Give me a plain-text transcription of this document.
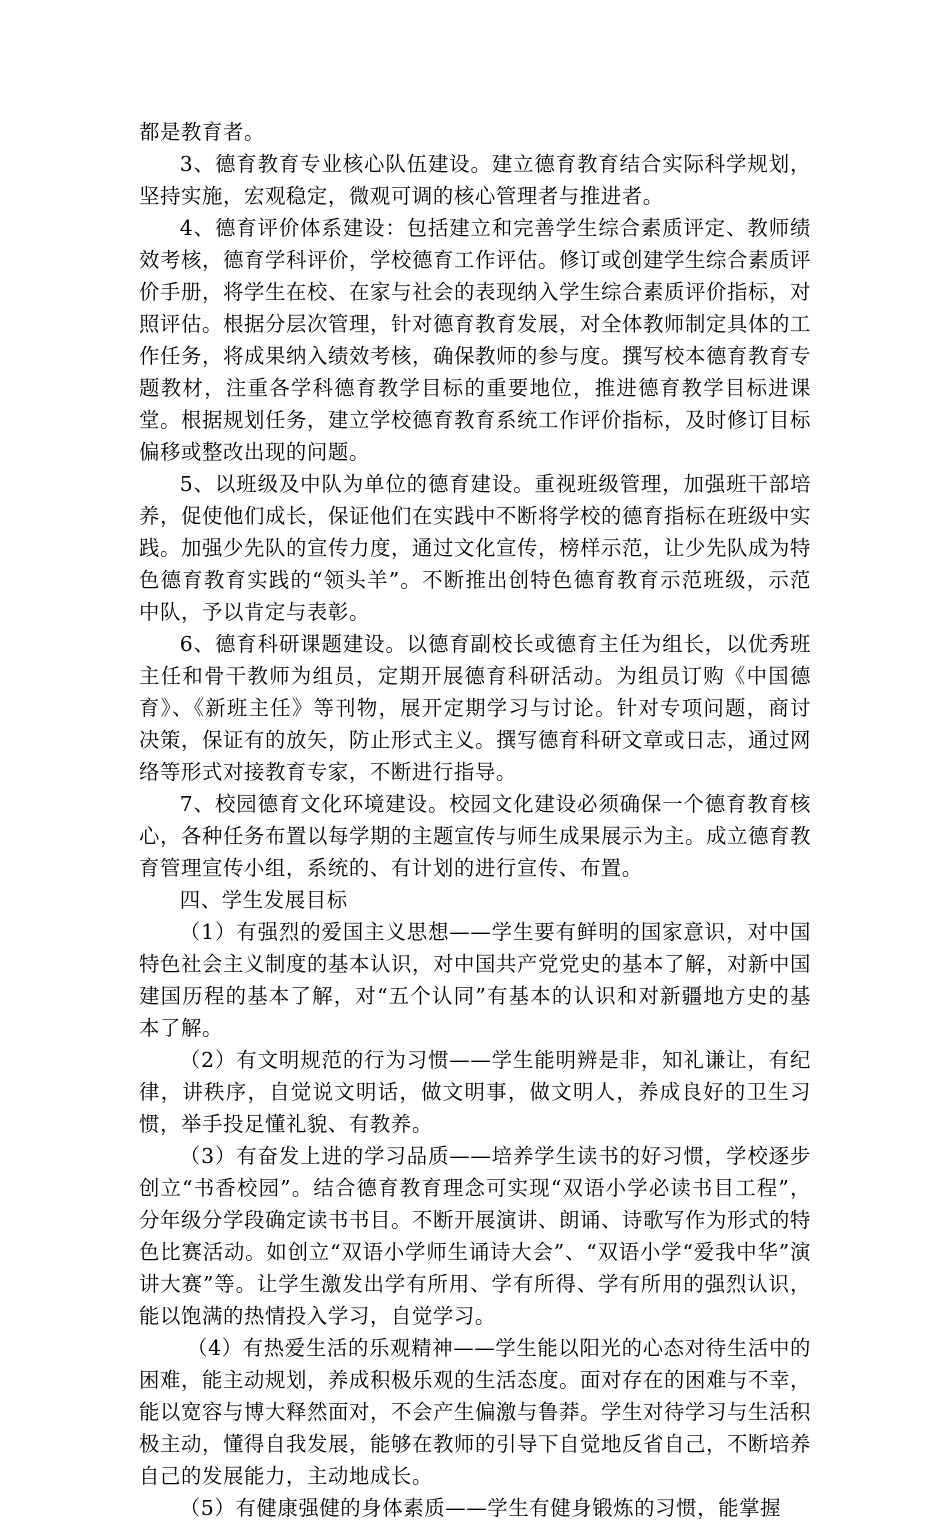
都是教育者。

3、德育教育专业核心队伍建设。建立德育教育结合实际科学规划，坚持实施，宏观稳定，微观可调的核心管理者与推进者。

4、德育评价体系建设：包括建立和完善学生综合素质评定、教师绩效考核，德育学科评价，学校德育工作评估。修订或创建学生综合素质评价手册，将学生在校、在家与社会的表现纳入学生综合素质评价指标，对照评估。根据分层次管理，针对德育教育发展，对全体教师制定具体的工作任务，将成果纳入绩效考核，确保教师的参与度。撰写校本德育教育专题教材，注重各学科德育教学目标的重要地位，推进德育教学目标进课堂。根据规划任务，建立学校德育教育系统工作评价指标，及时修订目标偏移或整改出现的问题。

5、以班级及中队为单位的德育建设。重视班级管理，加强班干部培养，促使他们成长，保证他们在实践中不断将学校的德育指标在班级中实践。加强少先队的宣传力度，通过文化宣传，榜样示范，让少先队成为特色德育教育实践的“领头羊”。不断推出创特色德育教育示范班级，示范中队，予以肯定与表彰。

6、德育科研课题建设。以德育副校长或德育主任为组长，以优秀班主任和骨干教师为组员，定期开展德育科研活动。为组员订购《中国德育》、《新班主任》等刊物，展开定期学习与讨论。针对专项问题，商讨决策，保证有的放矢，防止形式主义。撰写德育科研文章或日志，通过网络等形式对接教育专家，不断进行指导。

7、校园德育文化环境建设。校园文化建设必须确保一个德育教育核心，各种任务布置以每学期的主题宣传与师生成果展示为主。成立德育教育管理宣传小组，系统的、有计划的进行宣传、布置。

四、学生发展目标

（1）有强烈的爱国主义思想——学生要有鲜明的国家意识，对中国特色社会主义制度的基本认识，对中国共产党党史的基本了解，对新中国建国历程的基本了解，对“五个认同”有基本的认识和对新疆地方史的基本了解。

（2）有文明规范的行为习惯——学生能明辨是非，知礼谦让，有纪律，讲秩序，自觉说文明话，做文明事，做文明人，养成良好的卫生习惯，举手投足懂礼貌、有教养。

（3）有奋发上进的学习品质——培养学生读书的好习惯，学校逐步创立“书香校园”。结合德育教育理念可实现“双语小学必读书目工程”，分年级分学段确定读书书目。不断开展演讲、朗诵、诗歌写作为形式的特色比赛活动。如创立“双语小学师生诵诗大会”、“双语小学“爱我中华”演讲大赛”等。让学生激发出学有所用、学有所得、学有所用的强烈认识，能以饱满的热情投入学习，自觉学习。

（4）有热爱生活的乐观精神——学生能以阳光的心态对待生活中的困难，能主动规划，养成积极乐观的生活态度。面对存在的困难与不幸，能以宽容与博大释然面对，不会产生偏激与鲁莽。学生对待学习与生活积极主动，懂得自我发展，能够在教师的引导下自觉地反省自己，不断培养自己的发展能力，主动地成长。

（5）有健康强健的身体素质——学生有健身锻炼的习惯，能掌握
